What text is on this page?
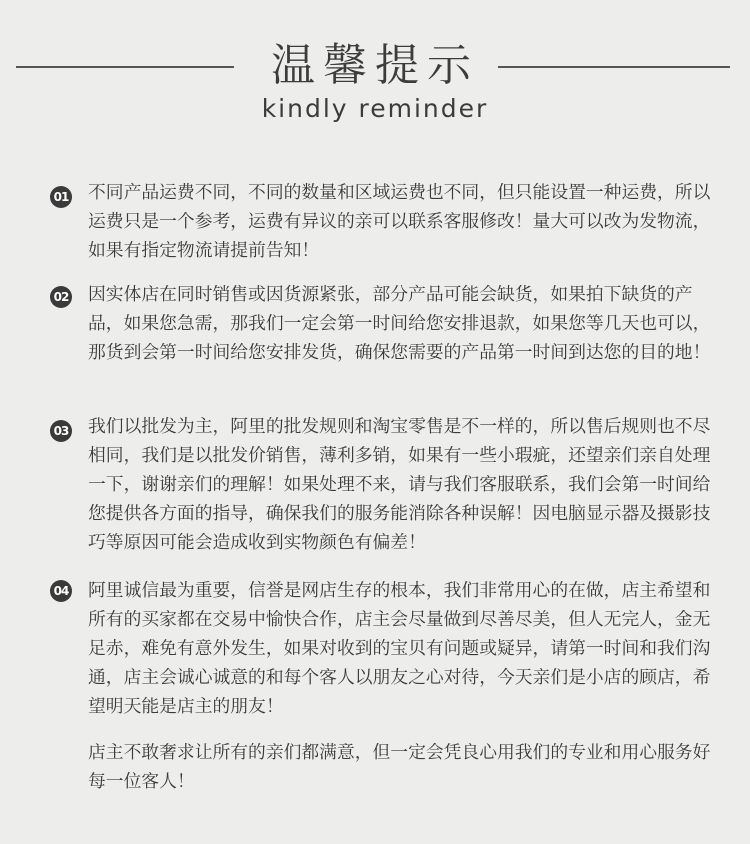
温馨提示
kindly reminder
01 不同产品运费不同，不同的数量和区域运费也不同，但只能设置一种运费，所以运费只是一个参考，运费有异议的亲可以联系客服修改！量大可以改为发物流，如果有指定物流请提前告知！
02 因实体店在同时销售或因货源紧张，部分产品可能会缺货，如果拍下缺货的产品，如果您急需，那我们一定会第一时间给您安排退款，如果您等几天也可以，那货到会第一时间给您安排发货，确保您需要的产品第一时间到达您的目的地！
03 我们以批发为主，阿里的批发规则和淘宝零售是不一样的，所以售后规则也不尽相同，我们是以批发价销售，薄利多销，如果有一些小瑕疵，还望亲们亲自处理一下，谢谢亲们的理解！如果处理不来，请与我们客服联系，我们会第一时间给您提供各方面的指导，确保我们的服务能消除各种误解！因电脑显示器及摄影技巧等原因可能会造成收到实物颜色有偏差！
04 阿里诚信最为重要，信誉是网店生存的根本，我们非常用心的在做，店主希望和所有的买家都在交易中愉快合作，店主会尽量做到尽善尽美，但人无完人，金无足赤，难免有意外发生，如果对收到的宝贝有问题或疑异，请第一时间和我们沟通，店主会诚心诚意的和每个客人以朋友之心对待，今天亲们是小店的顾店，希望明天能是店主的朋友！
店主不敢奢求让所有的亲们都满意，但一定会凭良心用我们的专业和用心服务好每一位客人！
